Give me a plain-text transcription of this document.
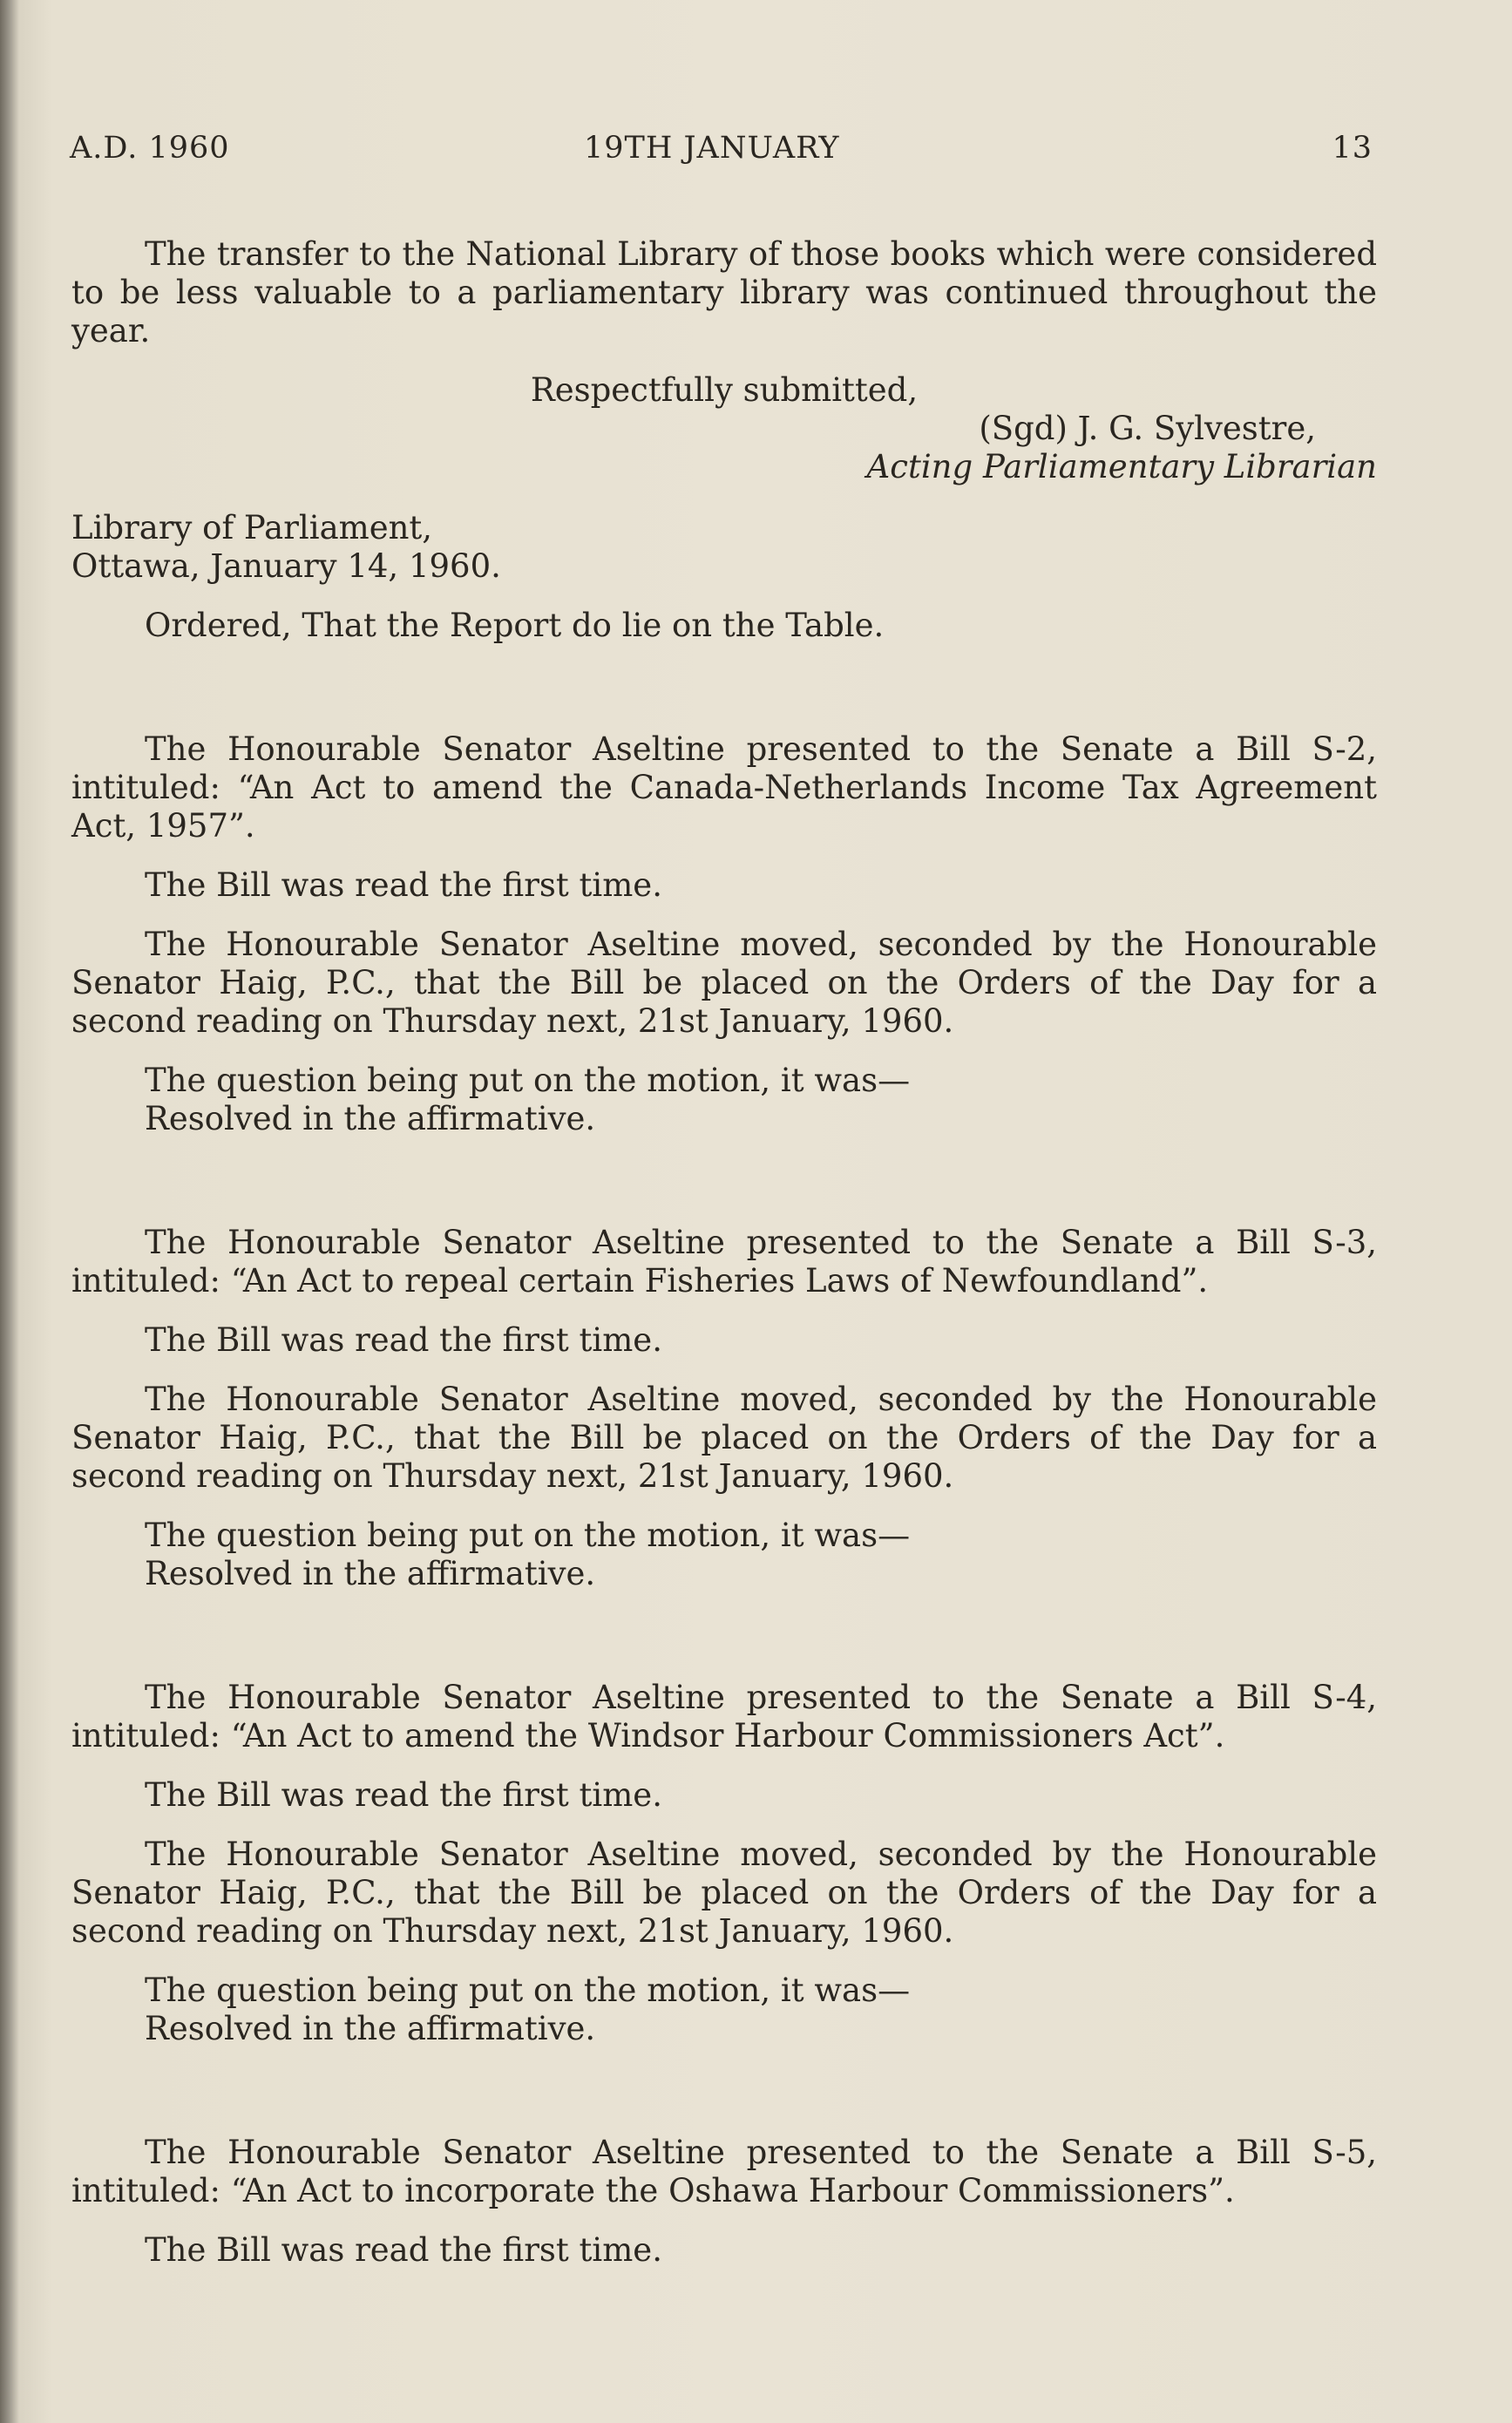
A.D. 1960	19TH JANUARY	13

The transfer to the National Library of those books which were considered to be less valuable to a parliamentary library was continued throughout the year.

Respectfully submitted,

(Sgd) J. G. Sylvestre,

Acting Parliamentary Librarian

Library of Parliament,

Ottawa, January 14, 1960.

Ordered, That the Report do lie on the Table.

The Honourable Senator Aseltine presented to the Senate a Bill S-2, intituled: “An Act to amend the Canada-Netherlands Income Tax Agreement Act, 1957”.

The Bill was read the first time.

The Honourable Senator Aseltine moved, seconded by the Honourable Senator Haig, P.C., that the Bill be placed on the Orders of the Day for a second reading on Thursday next, 21st January, 1960.

The question being put on the motion, it was—

Resolved in the affirmative.

The Honourable Senator Aseltine presented to the Senate a Bill S-3, intituled: “An Act to repeal certain Fisheries Laws of Newfoundland”.

The Bill was read the first time.

The Honourable Senator Aseltine moved, seconded by the Honourable Senator Haig, P.C., that the Bill be placed on the Orders of the Day for a second reading on Thursday next, 21st January, 1960.

The question being put on the motion, it was—

Resolved in the affirmative.

The Honourable Senator Aseltine presented to the Senate a Bill S-4, intituled: “An Act to amend the Windsor Harbour Commissioners Act”.

The Bill was read the first time.

The Honourable Senator Aseltine moved, seconded by the Honourable Senator Haig, P.C., that the Bill be placed on the Orders of the Day for a second reading on Thursday next, 21st January, 1960.

The question being put on the motion, it was—

Resolved in the affirmative.

The Honourable Senator Aseltine presented to the Senate a Bill S-5, intituled: “An Act to incorporate the Oshawa Harbour Commissioners”.

The Bill was read the first time.
